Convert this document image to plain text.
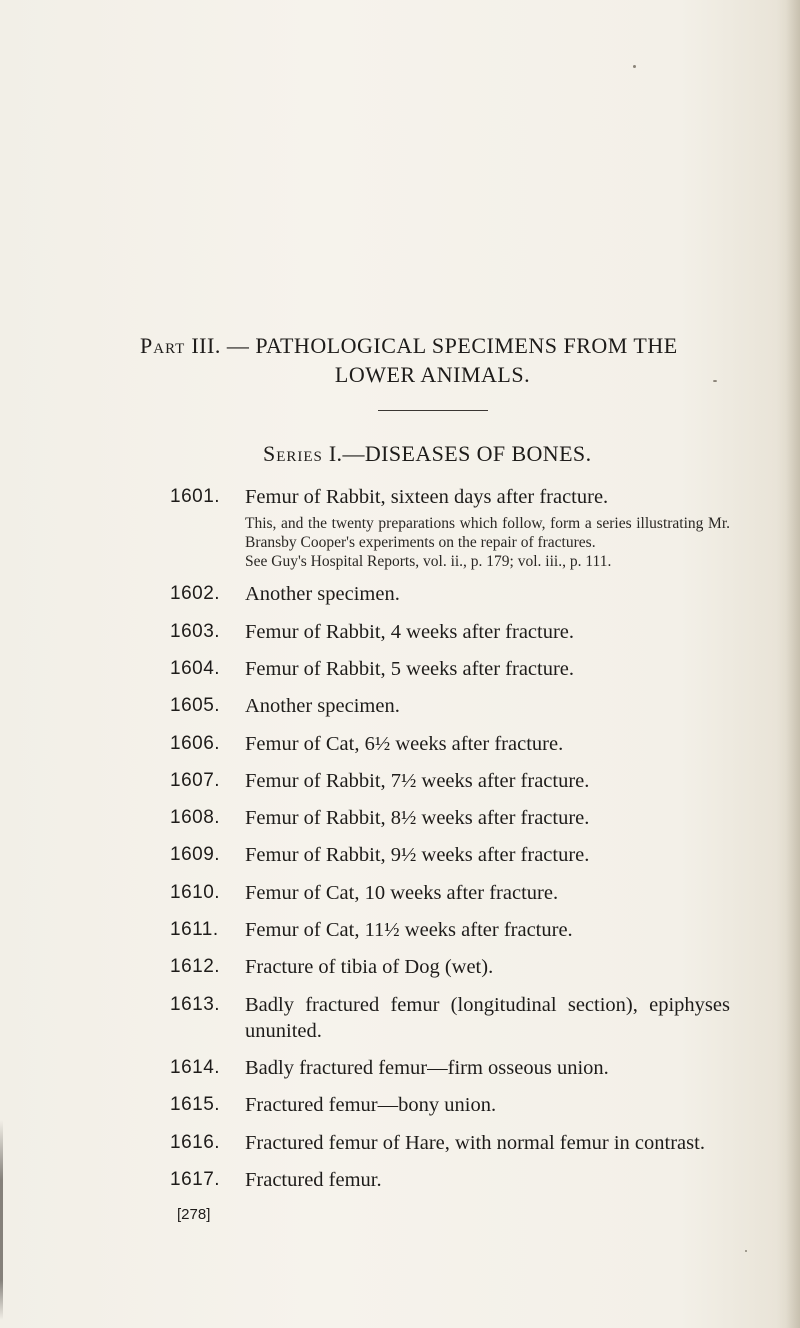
Part III. — PATHOLOGICAL SPECIMENS FROM THE
LOWER ANIMALS.
Series I.—DISEASES OF BONES.
1601.	Femur of Rabbit, sixteen days after fracture.
This, and the twenty preparations which follow, form a series illustrating Mr. Bransby Cooper's experiments on the repair of fractures.
See Guy's Hospital Reports, vol. ii., p. 179; vol. iii., p. 111.
1602.	Another specimen.
1603.	Femur of Rabbit, 4 weeks after fracture.
1604.	Femur of Rabbit, 5 weeks after fracture.
1605.	Another specimen.
1606.	Femur of Cat, 6½ weeks after fracture.
1607.	Femur of Rabbit, 7½ weeks after fracture.
1608.	Femur of Rabbit, 8½ weeks after fracture.
1609.	Femur of Rabbit, 9½ weeks after fracture.
1610.	Femur of Cat, 10 weeks after fracture.
1611.	Femur of Cat, 11½ weeks after fracture.
1612.	Fracture of tibia of Dog (wet).
1613.	Badly fractured femur (longitudinal section), epiphyses ununited.
1614.	Badly fractured femur—firm osseous union.
1615.	Fractured femur—bony union.
1616.	Fractured femur of Hare, with normal femur in contrast.
1617.	Fractured femur.
[278]
